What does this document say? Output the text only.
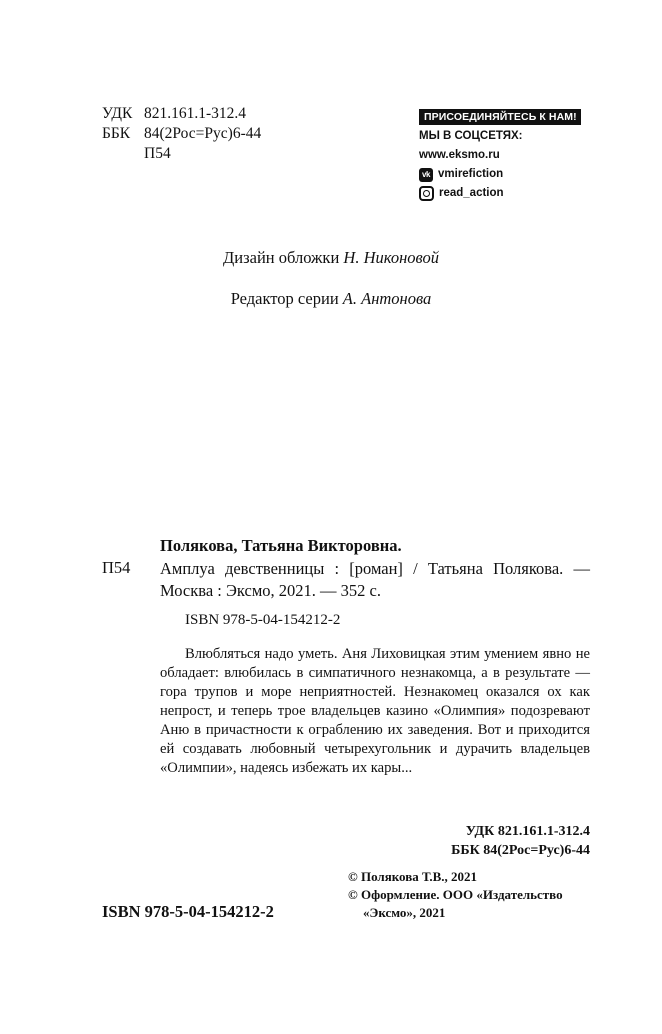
УДК 821.161.1-312.4
ББК 84(2Рос=Рус)6-44
П54
ПРИСОЕДИНЯЙТЕСЬ К НАМ!
МЫ В СОЦСЕТЯХ:
www.eksmo.ru
vk vmirefiction
read_action
Дизайн обложки Н. Никоновой
Редактор серии А. Антонова
Полякова, Татьяна Викторовна.
П54 Амплуа девственницы : [роман] / Татьяна Полякова. — Москва : Эксмо, 2021. — 352 с.
ISBN 978-5-04-154212-2
Влюбляться надо уметь. Аня Лиховицкая этим умением явно не обладает: влюбилась в симпатичного незнакомца, а в результате — гора трупов и море неприятностей. Незнакомец оказался ох как непрост, и теперь трое владельцев казино «Олимпия» подозревают Аню в причастности к ограблению их заведения. Вот и приходится ей создавать любовный четырехугольник и дурачить владельцев «Олимпии», надеясь избежать их кары...
УДК 821.161.1-312.4
ББК 84(2Рос=Рус)6-44
ISBN 978-5-04-154212-2
© Полякова Т.В., 2021
© Оформление. ООО «Издательство
«Эксмо», 2021
